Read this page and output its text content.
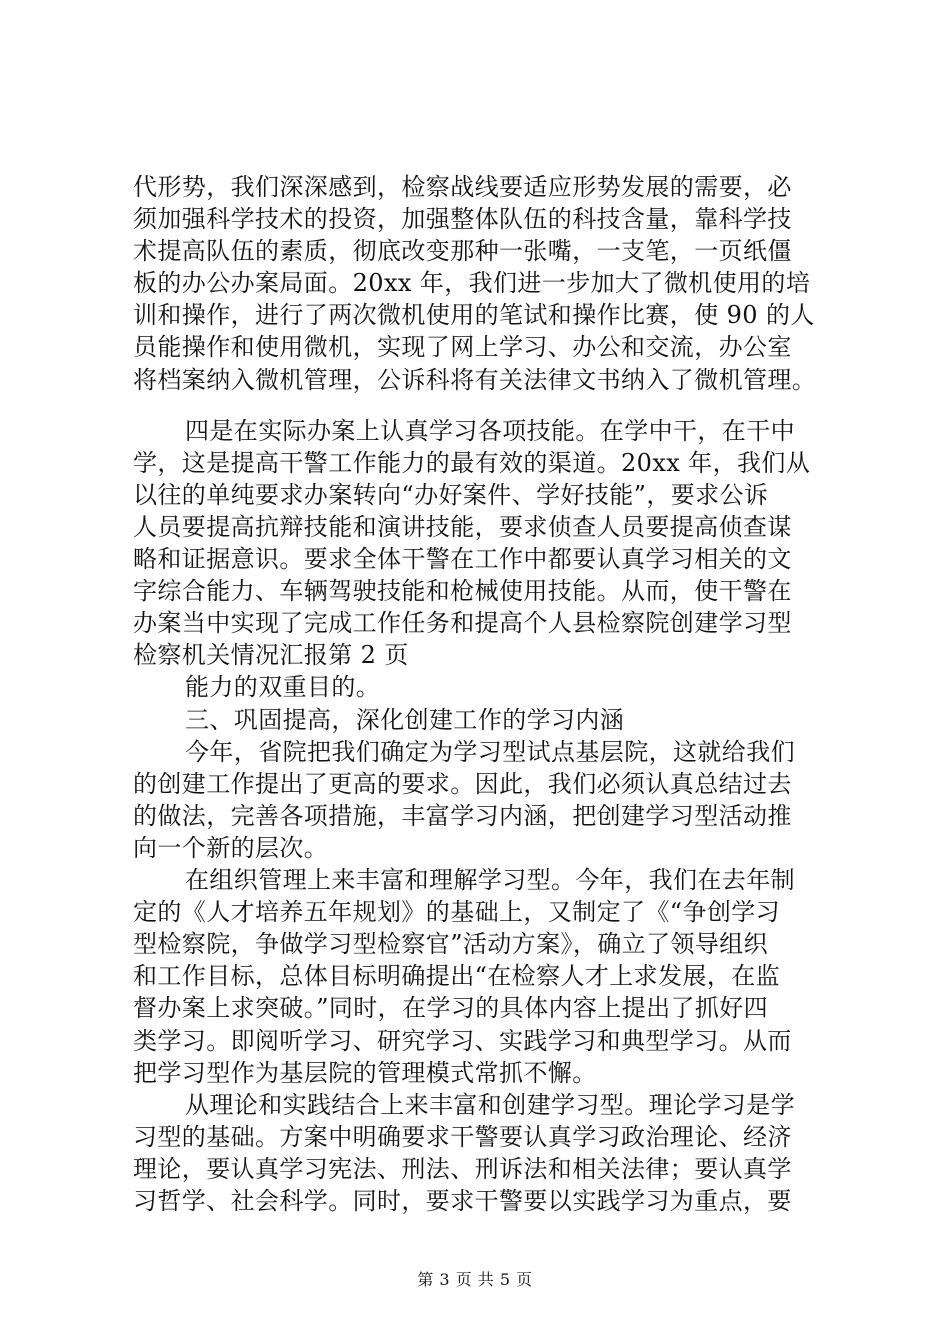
代形势，我们深深感到，检察战线要适应形势发展的需要，必
须加强科学技术的投资，加强整体队伍的科技含量，靠科学技
术提高队伍的素质，彻底改变那种一张嘴，一支笔，一页纸僵
板的办公办案局面。20xx 年，我们进一步加大了微机使用的培
训和操作，进行了两次微机使用的笔试和操作比赛，使 90 的人
员能操作和使用微机，实现了网上学习、办公和交流，办公室
将档案纳入微机管理，公诉科将有关法律文书纳入了微机管理。
四是在实际办案上认真学习各项技能。在学中干，在干中
学，这是提高干警工作能力的最有效的渠道。20xx 年，我们从
以往的单纯要求办案转向“办好案件、学好技能”，要求公诉
人员要提高抗辩技能和演讲技能，要求侦查人员要提高侦查谋
略和证据意识。要求全体干警在工作中都要认真学习相关的文
字综合能力、车辆驾驶技能和枪械使用技能。从而，使干警在
办案当中实现了完成工作任务和提高个人县检察院创建学习型
检察机关情况汇报第 2 页
能力的双重目的。
三、巩固提高，深化创建工作的学习内涵
今年，省院把我们确定为学习型试点基层院，这就给我们
的创建工作提出了更高的要求。因此，我们必须认真总结过去
的做法，完善各项措施，丰富学习内涵，把创建学习型活动推
向一个新的层次。
在组织管理上来丰富和理解学习型。今年，我们在去年制
定的《人才培养五年规划》的基础上，又制定了《“争创学习
型检察院，争做学习型检察官”活动方案》，确立了领导组织
和工作目标，总体目标明确提出“在检察人才上求发展，在监
督办案上求突破。”同时，在学习的具体内容上提出了抓好四
类学习。即阅听学习、研究学习、实践学习和典型学习。从而
把学习型作为基层院的管理模式常抓不懈。
从理论和实践结合上来丰富和创建学习型。理论学习是学
习型的基础。方案中明确要求干警要认真学习政治理论、经济
理论，要认真学习宪法、刑法、刑诉法和相关法律；要认真学
习哲学、社会科学。同时，要求干警要以实践学习为重点，要
第 3 页 共 5 页
